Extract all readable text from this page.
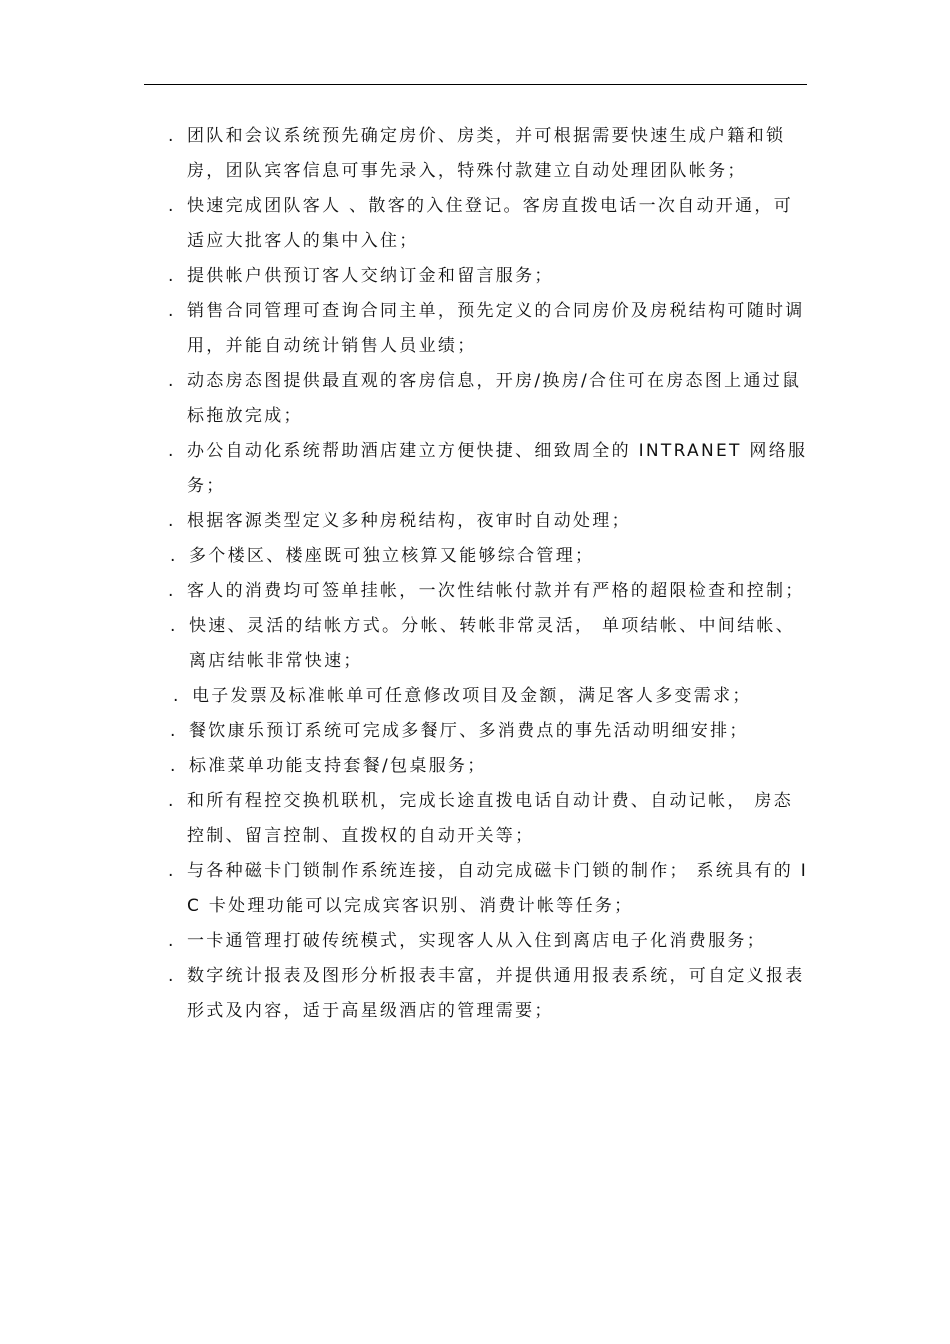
. 团队和会议系统预先确定房价、房类，并可根据需要快速生成户籍和锁房，团队宾客信息可事先录入，特殊付款建立自动处理团队帐务；
. 快速完成团队客人 、散客的入住登记。客房直拨电话一次自动开通，可适应大批客人的集中入住；
. 提供帐户供预订客人交纳订金和留言服务；
. 销售合同管理可查询合同主单，预先定义的合同房价及房税结构可随时调用，并能自动统计销售人员业绩；
. 动态房态图提供最直观的客房信息，开房/换房/合住可在房态图上通过鼠标拖放完成；
. 办公自动化系统帮助酒店建立方便快捷、细致周全的 INTRANET 网络服务；
. 根据客源类型定义多种房税结构，夜审时自动处理；
. 多个楼区、楼座既可独立核算又能够综合管理；
. 客人的消费均可签单挂帐，一次性结帐付款并有严格的超限检查和控制；
. 快速、灵活的结帐方式。分帐、转帐非常灵活， 单项结帐、中间结帐、离店结帐非常快速；
. 电子发票及标准帐单可任意修改项目及金额，满足客人多变需求；
. 餐饮康乐预订系统可完成多餐厅、多消费点的事先活动明细安排；
. 标准菜单功能支持套餐/包桌服务；
. 和所有程控交换机联机，完成长途直拨电话自动计费、自动记帐， 房态控制、留言控制、直拨权的自动开关等；
. 与各种磁卡门锁制作系统连接，自动完成磁卡门锁的制作； 系统具有的 IC 卡处理功能可以完成宾客识别、消费计帐等任务；
. 一卡通管理打破传统模式，实现客人从入住到离店电子化消费服务；
. 数字统计报表及图形分析报表丰富，并提供通用报表系统，可自定义报表形式及内容，适于高星级酒店的管理需要；
